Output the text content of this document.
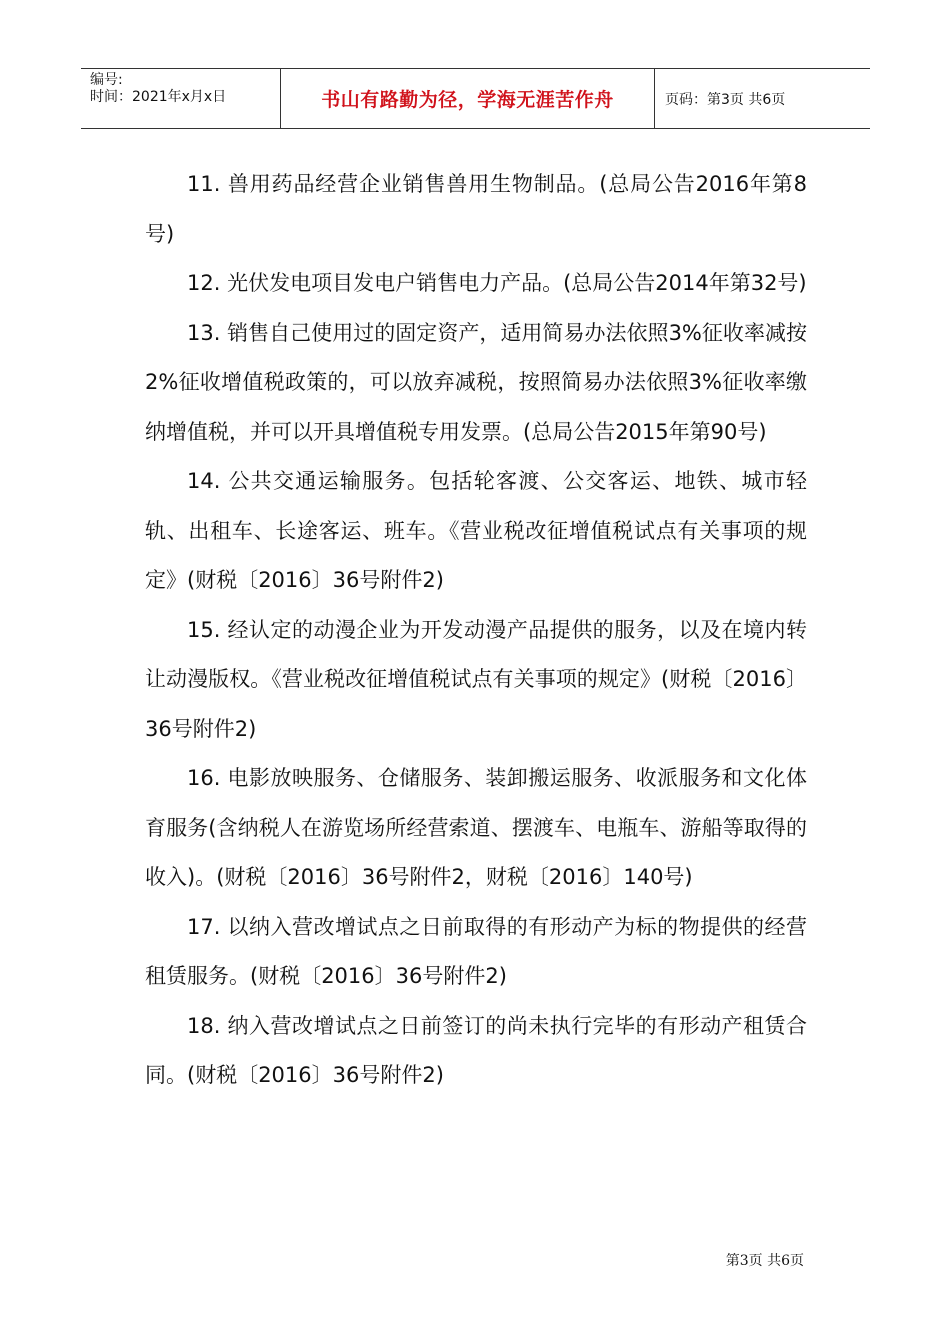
编号:
时间：2021年x月x日	书山有路勤为径，学海无涯苦作舟	页码：第3页 共6页

11. 兽用药品经营企业销售兽用生物制品。(总局公告2016年第8号)

12. 光伏发电项目发电户销售电力产品。(总局公告2014年第32号)

13. 销售自己使用过的固定资产，适用简易办法依照3%征收率减按2%征收增值税政策的，可以放弃减税，按照简易办法依照3%征收率缴纳增值税，并可以开具增值税专用发票。(总局公告2015年第90号)

14. 公共交通运输服务。包括轮客渡、公交客运、地铁、城市轻轨、出租车、长途客运、班车。《营业税改征增值税试点有关事项的规定》(财税〔2016〕36号附件2)

15. 经认定的动漫企业为开发动漫产品提供的服务，以及在境内转让动漫版权。《营业税改征增值税试点有关事项的规定》(财税〔2016〕36号附件2)

16. 电影放映服务、仓储服务、装卸搬运服务、收派服务和文化体育服务(含纳税人在游览场所经营索道、摆渡车、电瓶车、游船等取得的收入)。(财税〔2016〕36号附件2，财税〔2016〕140号)

17. 以纳入营改增试点之日前取得的有形动产为标的物提供的经营租赁服务。(财税〔2016〕36号附件2)

18. 纳入营改增试点之日前签订的尚未执行完毕的有形动产租赁合同。(财税〔2016〕36号附件2)

第3页 共6页
